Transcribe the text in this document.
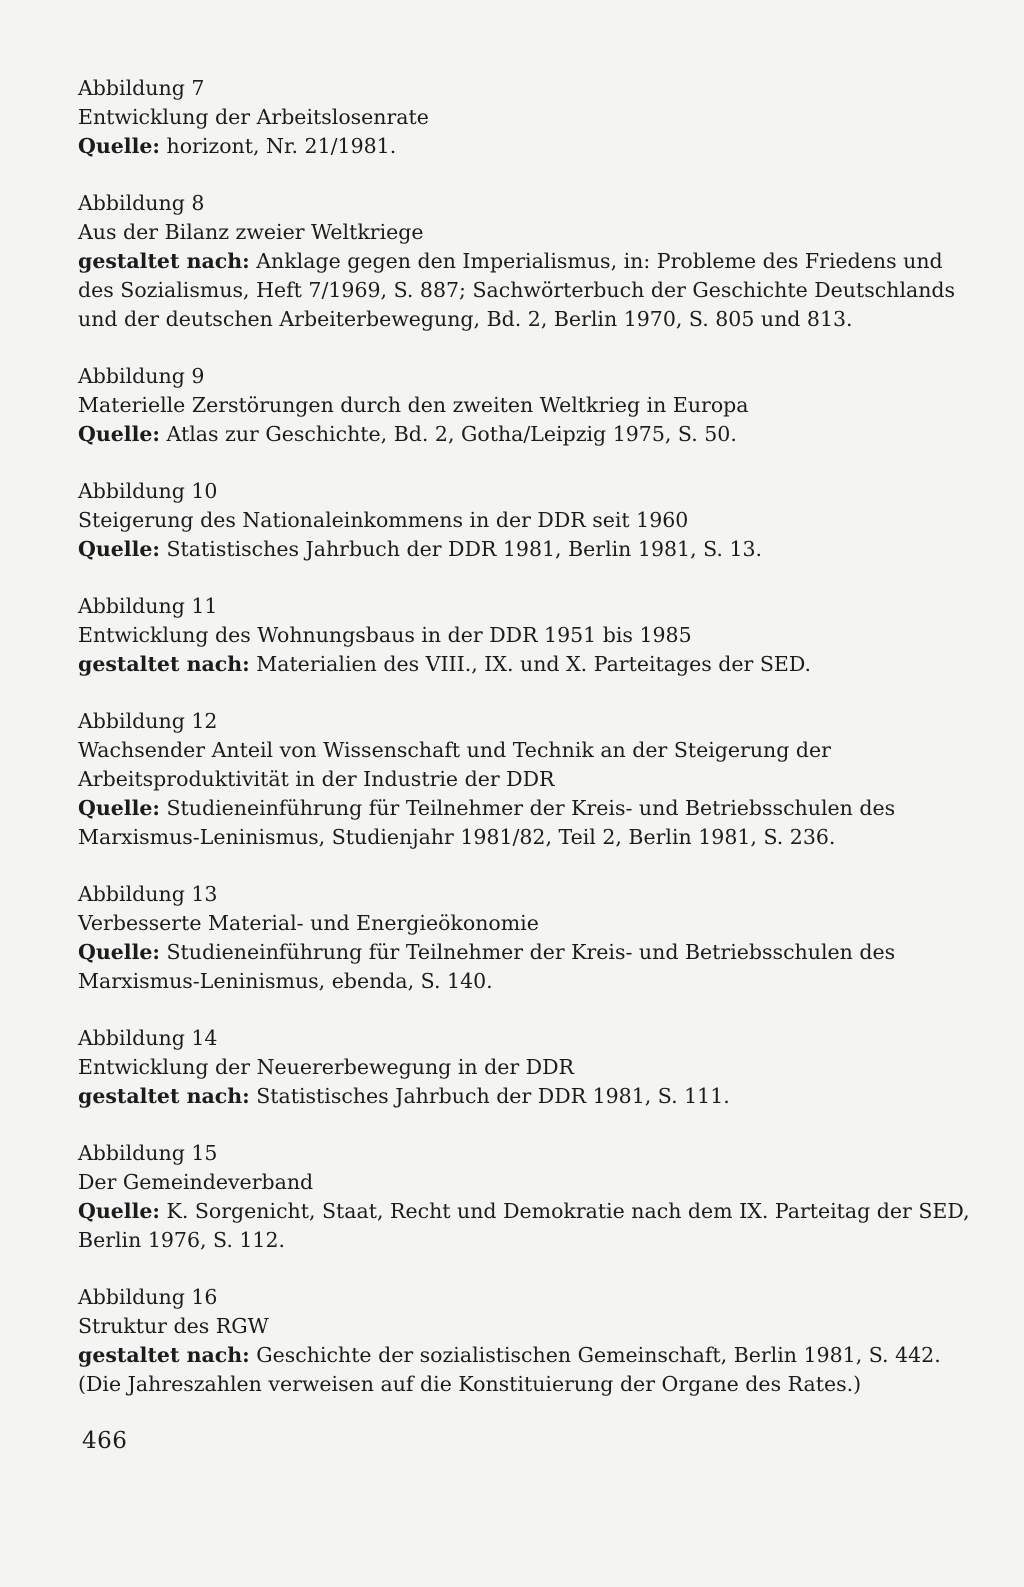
Abbildung 7
Entwicklung der Arbeitslosenrate
Quelle: horizont, Nr. 21/1981.
Abbildung 8
Aus der Bilanz zweier Weltkriege
gestaltet nach: Anklage gegen den Imperialismus, in: Probleme des Friedens und des Sozialismus, Heft 7/1969, S. 887; Sachwörterbuch der Geschichte Deutschlands und der deutschen Arbeiterbewegung, Bd. 2, Berlin 1970, S. 805 und 813.
Abbildung 9
Materielle Zerstörungen durch den zweiten Weltkrieg in Europa
Quelle: Atlas zur Geschichte, Bd. 2, Gotha/Leipzig 1975, S. 50.
Abbildung 10
Steigerung des Nationaleinkommens in der DDR seit 1960
Quelle: Statistisches Jahrbuch der DDR 1981, Berlin 1981, S. 13.
Abbildung 11
Entwicklung des Wohnungsbaus in der DDR 1951 bis 1985
gestaltet nach: Materialien des VIII., IX. und X. Parteitages der SED.
Abbildung 12
Wachsender Anteil von Wissenschaft und Technik an der Steigerung der Arbeitsproduktivität in der Industrie der DDR
Quelle: Studieneinführung für Teilnehmer der Kreis- und Betriebsschulen des Marxismus-Leninismus, Studienjahr 1981/82, Teil 2, Berlin 1981, S. 236.
Abbildung 13
Verbesserte Material- und Energieökonomie
Quelle: Studieneinführung für Teilnehmer der Kreis- und Betriebsschulen des Marxismus-Leninismus, ebenda, S. 140.
Abbildung 14
Entwicklung der Neuererbewegung in der DDR
gestaltet nach: Statistisches Jahrbuch der DDR 1981, S. 111.
Abbildung 15
Der Gemeindeverband
Quelle: K. Sorgenicht, Staat, Recht und Demokratie nach dem IX. Parteitag der SED, Berlin 1976, S. 112.
Abbildung 16
Struktur des RGW
gestaltet nach: Geschichte der sozialistischen Gemeinschaft, Berlin 1981, S. 442. (Die Jahreszahlen verweisen auf die Konstituierung der Organe des Rates.)
466
